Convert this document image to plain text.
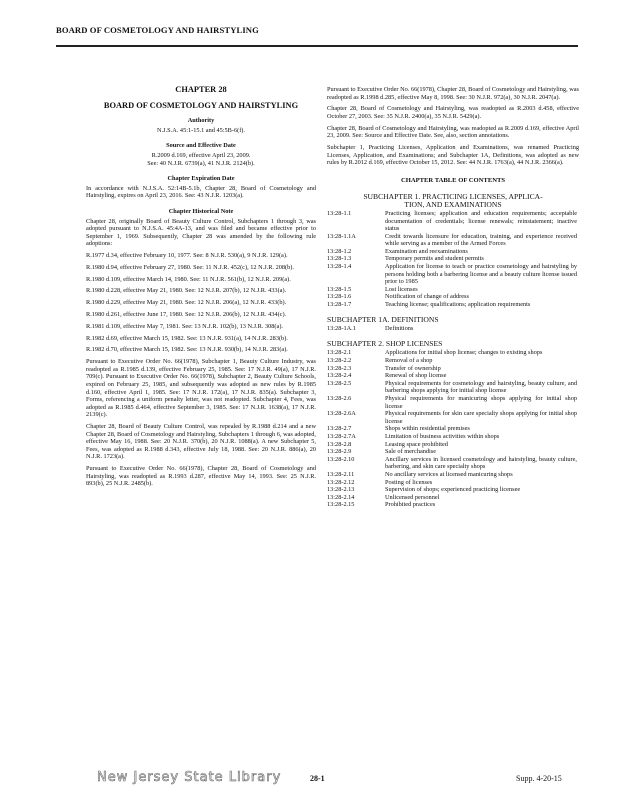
BOARD OF COSMETOLOGY AND HAIRSTYLING
CHAPTER 28
BOARD OF COSMETOLOGY AND HAIRSTYLING
Authority

N.J.S.A. 45:1-15.1 and 45:5B-6(f).

Source and Effective Date

R.2009 d.169, effective April 23, 2009.

See: 40 N.J.R. 6739(a), 41 N.J.R. 2124(b).

Chapter Expiration Date

In accordance with N.J.S.A. 52:14B-5.1b, Chapter 28, Board of Cosmetology and Hairstyling, expires on April 23, 2016. See: 43 N.J.R. 1203(a).

Chapter Historical Note

Chapter 28, originally Board of Beauty Culture Control, Subchapters 1 through 3, was adopted pursuant to N.J.S.A. 45:4A-13, and was filed and became effective prior to September 1, 1969. Subsequently, Chapter 28 was amended by the following rule adoptions:

R.1977 d.34, effective February 10, 1977. See: 8 N.J.R. 530(a), 9 N.J.R. 129(a).

R.1980 d.94, effective February 27, 1980. See: 11 N.J.R. 452(c), 12 N.J.R. 208(b).

R.1980 d.109, effective March 14, 1980. See: 11 N.J.R. 561(b), 12 N.J.R. 209(a).

R.1980 d.228, effective May 21, 1980. See: 12 N.J.R. 207(b), 12 N.J.R. 433(a).

R.1980 d.229, effective May 21, 1980. See: 12 N.J.R. 206(a), 12 N.J.R. 433(b).

R.1980 d.261, effective June 17, 1980. See: 12 N.J.R. 206(b), 12 N.J.R. 434(c).

R.1981 d.109, effective May 7, 1981. See: 13 N.J.R. 102(b), 13 N.J.R. 308(a).

R.1982 d.69, effective March 15, 1982. See: 13 N.J.R. 931(a), 14 N.J.R. 283(b).

R.1982 d.70, effective March 15, 1982. See: 13 N.J.R. 930(b), 14 N.J.R. 283(a).

Pursuant to Executive Order No. 66(1978), Subchapter 1, Beauty Culture Industry, was readopted as R.1985 d.139, effective February 25, 1985. See: 17 N.J.R. 49(a), 17 N.J.R. 709(c). Pursuant to Executive Order No. 66(1978), Subchapter 2, Beauty Culture Schools, expired on February 25, 1985, and subsequently was adopted as new rules by R.1985 d.160, effective April 1, 1985. See: 17 N.J.R. 172(a), 17 N.J.R. 835(a). Subchapter 3, Forms, referencing a uniform penalty letter, was not readopted. Subchapter 4, Fees, was adopted as R.1985 d.464, effective September 3, 1985. See: 17 N.J.R. 1638(a), 17 N.J.R. 2139(c).

Chapter 28, Board of Beauty Culture Control, was repealed by R.1988 d.214 and a new Chapter 28, Board of Cosmetology and Hairstyling, Subchapters 1 through 6, was adopted, effective May 16, 1988. See: 20 N.J.R. 370(b), 20 N.J.R. 1088(a). A new Subchapter 5, Fees, was adopted as R.1988 d.343, effective July 18, 1988. See: 20 N.J.R. 886(a), 20 N.J.R. 1723(a).

Pursuant to Executive Order No. 66(1978), Chapter 28, Board of Cosmetology and Hairstyling, was readopted as R.1993 d.287, effective May 14, 1993. See: 25 N.J.R. 893(b), 25 N.J.R. 2485(b).

Pursuant to Executive Order No. 66(1978), Chapter 28, Board of Cosmetology and Hairstyling, was readopted as R.1998 d.285, effective May 8, 1998. See: 30 N.J.R. 972(a), 30 N.J.R. 2047(a).

Chapter 28, Board of Cosmetology and Hairstyling, was readopted as R.2003 d.458, effective October 27, 2003. See: 35 N.J.R. 2400(a), 35 N.J.R. 5429(a).

Chapter 28, Board of Cosmetology and Hairstyling, was readopted as R.2009 d.169, effective April 23, 2009. See: Source and Effective Date. See, also, section annotations.

Subchapter 1, Practicing Licenses, Application and Examinations, was renamed Practicing Licenses, Application, and Examinations; and Subchapter 1A, Definitions, was adopted as new rules by R.2012 d.169, effective October 15, 2012. See: 44 N.J.R. 1763(a), 44 N.J.R. 2366(a).

CHAPTER TABLE OF CONTENTS
SUBCHAPTER 1. PRACTICING LICENSES, APPLICA-
TION, AND EXAMINATIONS
13:28-1.1	Practicing licenses; application and education requirements; acceptable documentation of credentials; license renewals; reinstatement; inactive status
13:28-1.1A	Credit towards licensure for education, training, and experience received while serving as a member of the Armed Forces
13:28-1.2	Examination and reexaminations
13:28-1.3	Temporary permits and student permits
13:28-1.4	Application for license to teach or practice cosmetology and hairstyling by persons holding both a barbering license and a beauty culture license issued prior to 1985
13:28-1.5	Lost licenses
13:28-1.6	Notification of change of address
13:28-1.7	Teaching license; qualifications; application requirements
SUBCHAPTER 1A. DEFINITIONS
13:28-1A.1	Definitions
SUBCHAPTER 2. SHOP LICENSES
13:28-2.1	Applications for initial shop license; changes to existing shops
13:28-2.2	Removal of a shop
13:28-2.3	Transfer of ownership
13:28-2.4	Renewal of shop license
13:28-2.5	Physical requirements for cosmetology and hairstyling, beauty culture, and barbering shops applying for initial shop license
13:28-2.6	Physical requirements for manicuring shops applying for initial shop license
13:28-2.6A	Physical requirements for skin care specialty shops applying for initial shop license
13:28-2.7	Shops within residential premises
13:28-2.7A	Limitation of business activities within shops
13:28-2.8	Leasing space prohibited
13:28-2.9	Sale of merchandise
13:28-2.10	Ancillary services in licensed cosmetology and hairstyling, beauty culture, barbering, and skin care specialty shops
13:28-2.11	No ancillary services at licensed manicuring shops
13:28-2.12	Posting of licenses
13:28-2.13	Supervision of shops; experienced practicing licensee
13:28-2.14	Unlicensed personnel
13:28-2.15	Prohibited practices
New Jersey State Library	28-1	Supp. 4-20-15
